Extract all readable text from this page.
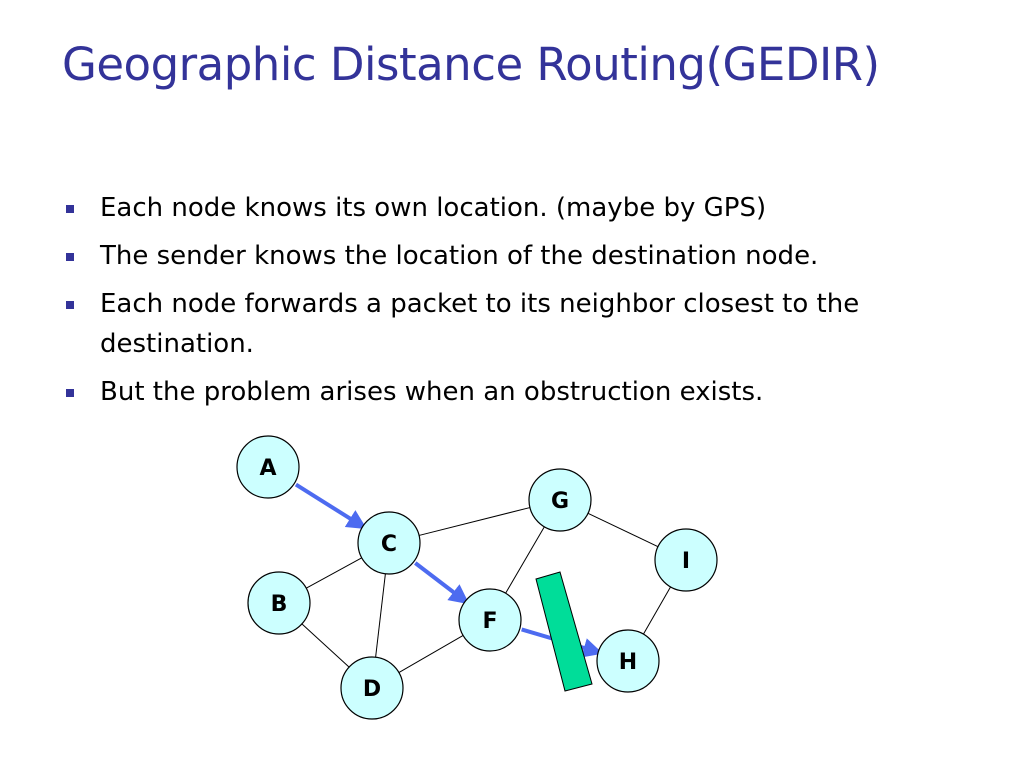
Geographic Distance Routing(GEDIR)
Each node knows its own location. (maybe by GPS)
The sender knows the location of the destination node.
Each node forwards a packet to its neighbor closest to the destination.
But the problem arises when an obstruction exists.
A
B
C
D
F
G
H
I
